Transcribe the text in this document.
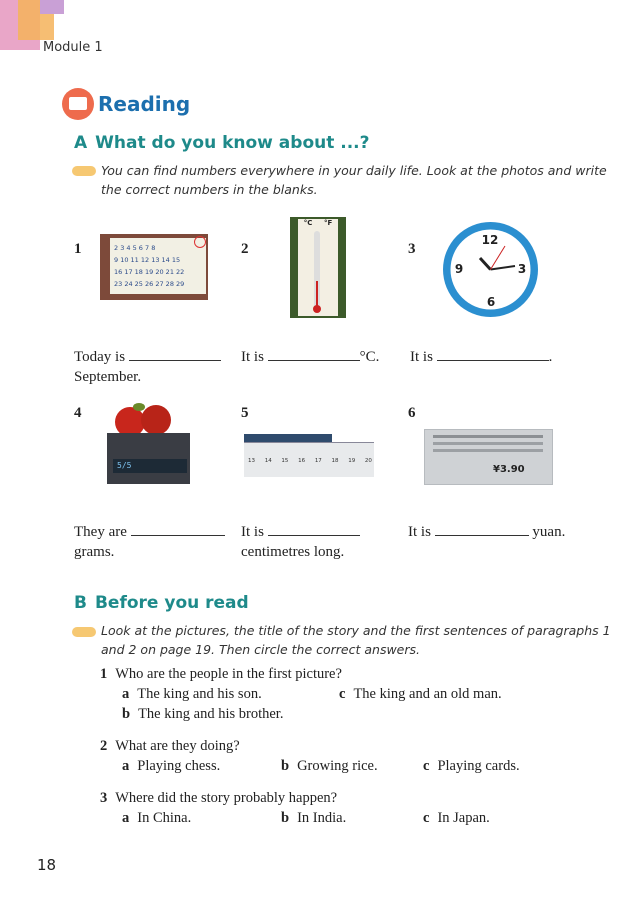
Module 1
Reading
A What do you know about ...?
You can find numbers everywhere in your daily life. Look at the photos and write
the correct numbers in the blanks.
1	2	3
2 3 4 5 6 7 8
9 10 11 12 13 14 15
16 17 18 19 20 21 22
23 24 25 26 27 28 29
°C °F
12
3
6
9
Today is
September.
It is	°C. It is	.
4	5	6
5/5	13 14 15 16 17 18 19 20
¥3.90
They are
grams.
It is
centimetres long.
It is	yuan.
B Before you read
Look at the pictures, the title of the story and the first sentences of paragraphs 1
and 2 on page 19. Then circle the correct answers.
1 Who are the people in the first picture?
a The king and his son.	c The king and an old man.
b The king and his brother.
2 What are they doing?
a Playing chess.	b Growing rice.	c Playing cards.
3 Where did the story probably happen?
a In China.	b In India.	c In Japan.
18
